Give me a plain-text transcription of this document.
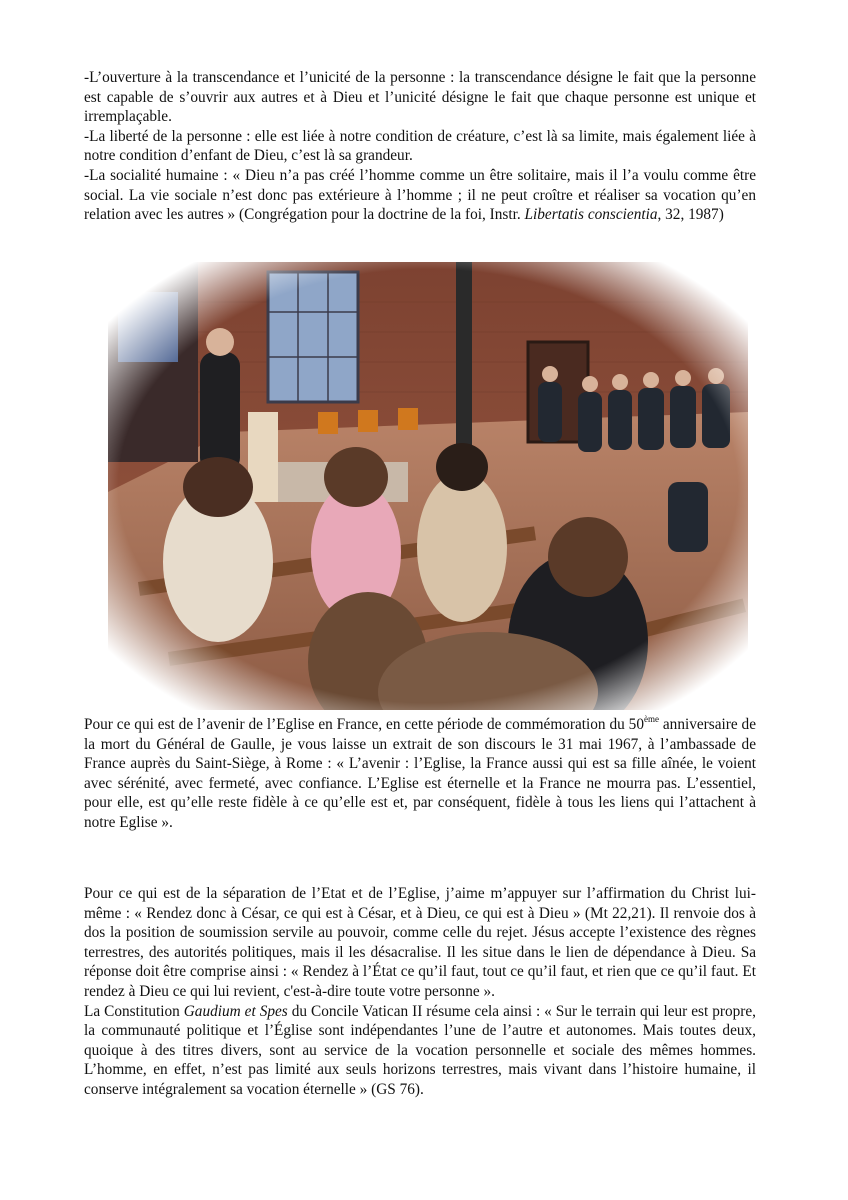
-L’ouverture à la transcendance et l’unicité de la personne : la transcendance désigne le fait que la personne est capable de s’ouvrir aux autres et à Dieu et l’unicité désigne le fait que chaque personne est unique et irremplaçable.

-La liberté de la personne : elle est liée à notre condition de créature, c’est là sa limite, mais également liée à notre condition d’enfant de Dieu, c’est là sa grandeur.

-La socialité humaine : « Dieu n’a pas créé l’homme comme un être solitaire, mais il l’a voulu comme être social. La vie sociale n’est donc pas extérieure à l’homme ; il ne peut croître et réaliser sa vocation qu’en relation avec les autres » (Congrégation pour la doctrine de la foi, Instr. Libertatis conscientia, 32, 1987)

Pour ce qui est de l’avenir de l’Eglise en France, en cette période de commémoration du 50ème anniversaire de la mort du Général de Gaulle, je vous laisse un extrait de son discours le 31 mai 1967, à l’ambassade de France auprès du Saint-Siège, à Rome : « L’avenir : l’Eglise, la France aussi qui est sa fille aînée, le voient avec sérénité, avec fermeté, avec confiance. L’Eglise est éternelle et la France ne mourra pas. L’essentiel, pour elle, est qu’elle reste fidèle à ce qu’elle est et, par conséquent, fidèle à tous les liens qui l’attachent à notre Eglise ».

Pour ce qui est de la séparation de l’Etat et de l’Eglise, j’aime m’appuyer sur l’affirmation du Christ lui-même : « Rendez donc à César, ce qui est à César, et à Dieu, ce qui est à Dieu » (Mt 22,21). Il renvoie dos à dos la position de soumission servile au pouvoir, comme celle du rejet. Jésus accepte l’existence des règnes terrestres, des autorités politiques, mais il les désacralise. Il les situe dans le lien de dépendance à Dieu. Sa réponse doit être comprise ainsi : « Rendez à l’État ce qu’il faut, tout ce qu’il faut, et rien que ce qu’il faut. Et rendez à Dieu ce qui lui revient, c'est-à-dire toute votre personne ».

La Constitution Gaudium et Spes du Concile Vatican II résume cela ainsi : « Sur le terrain qui leur est propre, la communauté politique et l’Église sont indépendantes l’une de l’autre et autonomes. Mais toutes deux, quoique à des titres divers, sont au service de la vocation personnelle et sociale des mêmes hommes. L’homme, en effet, n’est pas limité aux seuls horizons terrestres, mais vivant dans l’histoire humaine, il conserve intégralement sa vocation éternelle » (GS 76).
